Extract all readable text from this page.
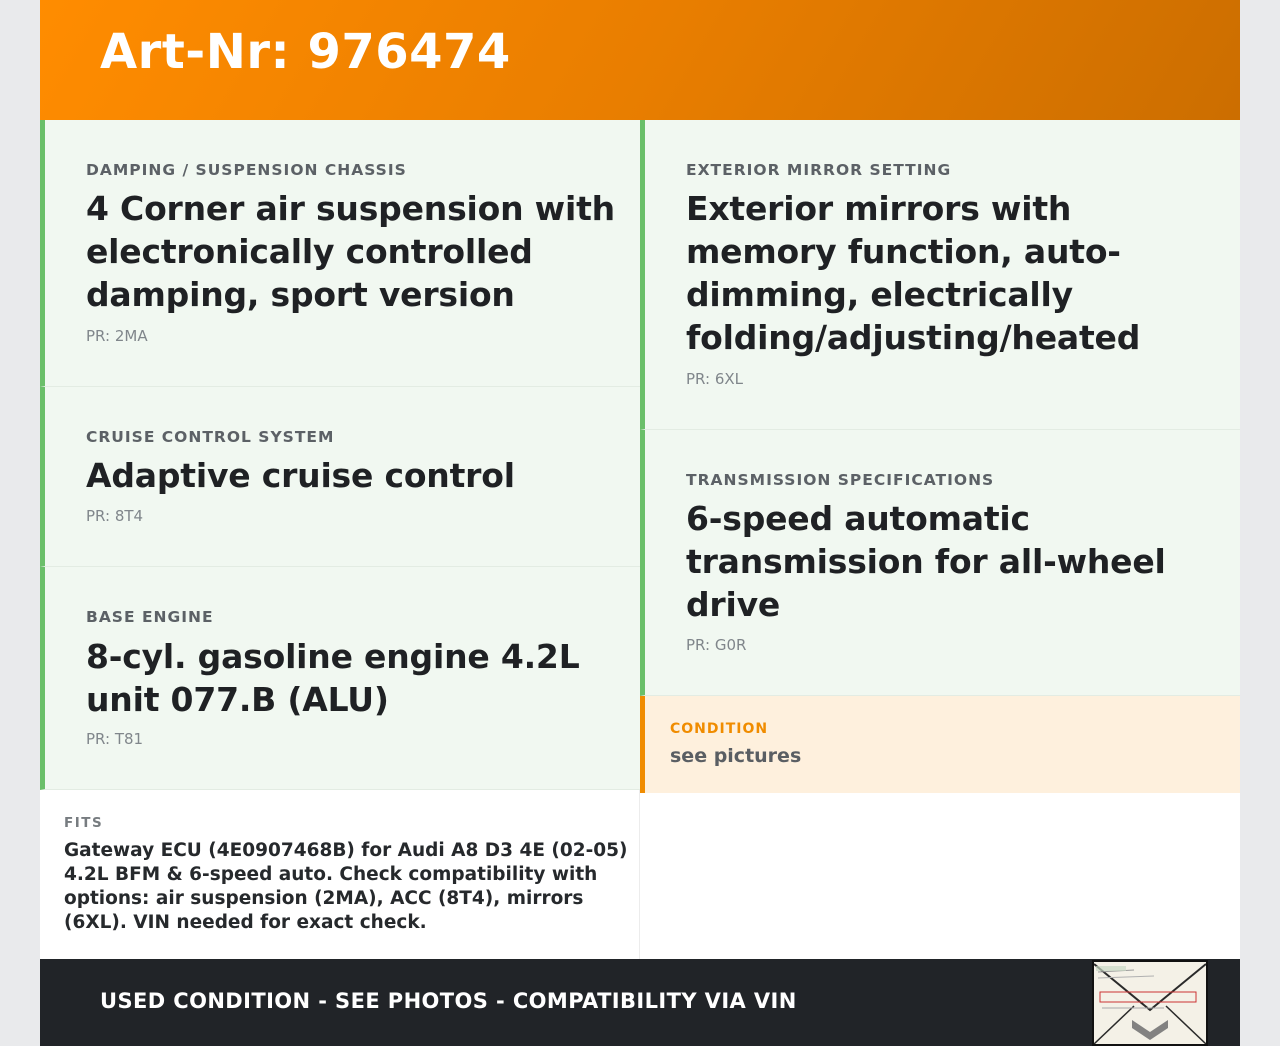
Art-Nr: 976474
DAMPING / SUSPENSION CHASSIS
4 Corner air suspension with electronically controlled damping, sport version
PR: 2MA
CRUISE CONTROL SYSTEM
Adaptive cruise control
PR: 8T4
BASE ENGINE
8-cyl. gasoline engine 4.2L unit 077.B (ALU)
PR: T81
EXTERIOR MIRROR SETTING
Exterior mirrors with memory function, auto-dimming, electrically folding/adjusting/heated
PR: 6XL
TRANSMISSION SPECIFICATIONS
6-speed automatic transmission for all-wheel drive
PR: G0R
CONDITION
see pictures
FITS
Gateway ECU (4E0907468B) for Audi A8 D3 4E (02-05) 4.2L BFM & 6-speed auto. Check compatibility with options: air suspension (2MA), ACC (8T4), mirrors (6XL). VIN needed for exact check.
USED CONDITION - SEE PHOTOS - COMPATIBILITY VIA VIN
